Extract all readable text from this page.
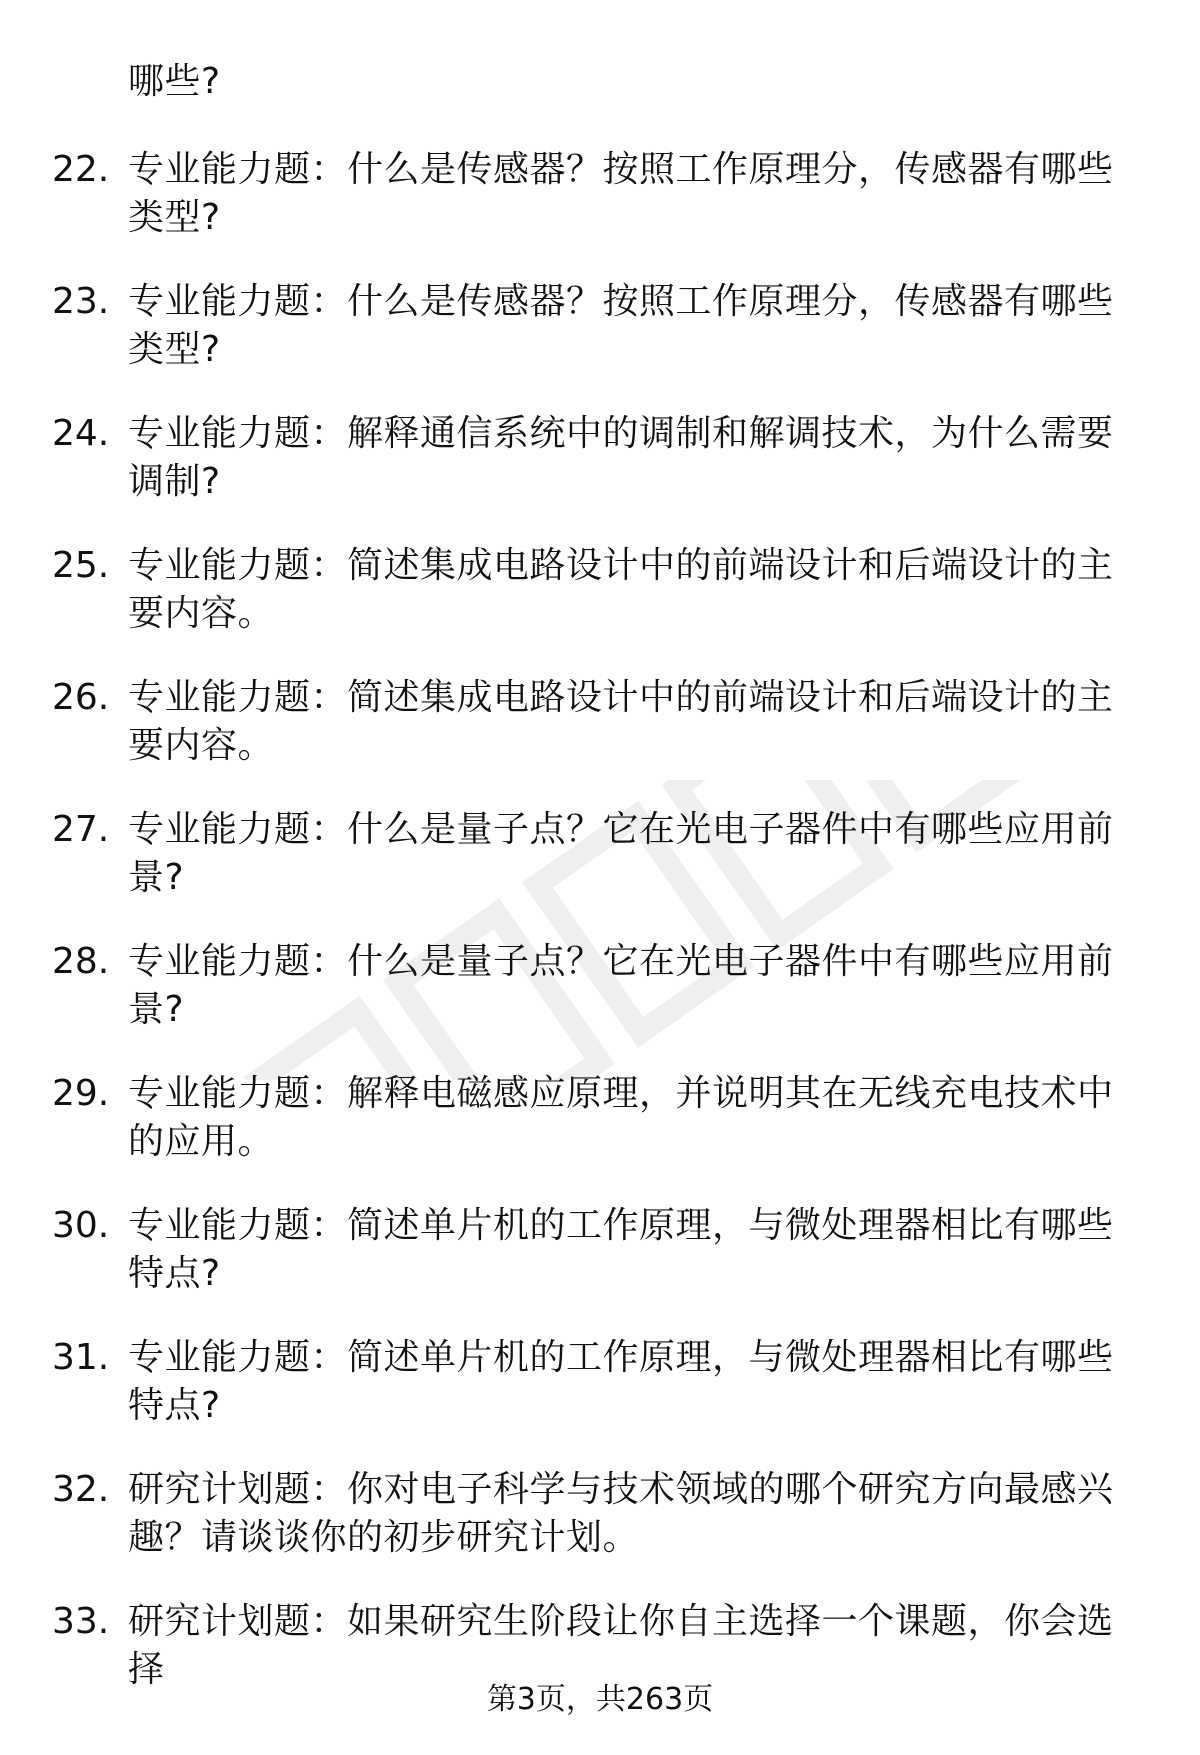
哪些?
22. 专业能力题：什么是传感器？按照工作原理分，传感器有哪些类型?
23. 专业能力题：什么是传感器？按照工作原理分，传感器有哪些类型?
24. 专业能力题：解释通信系统中的调制和解调技术，为什么需要调制?
25. 专业能力题：简述集成电路设计中的前端设计和后端设计的主要内容。
26. 专业能力题：简述集成电路设计中的前端设计和后端设计的主要内容。
27. 专业能力题：什么是量子点？它在光电子器件中有哪些应用前景?
28. 专业能力题：什么是量子点？它在光电子器件中有哪些应用前景?
29. 专业能力题：解释电磁感应原理，并说明其在无线充电技术中的应用。
30. 专业能力题：简述单片机的工作原理，与微处理器相比有哪些特点?
31. 专业能力题：简述单片机的工作原理，与微处理器相比有哪些特点?
32. 研究计划题：你对电子科学与技术领域的哪个研究方向最感兴趣？请谈谈你的初步研究计划。
33. 研究计划题：如果研究生阶段让你自主选择一个课题，你会选择
第3页，共263页
